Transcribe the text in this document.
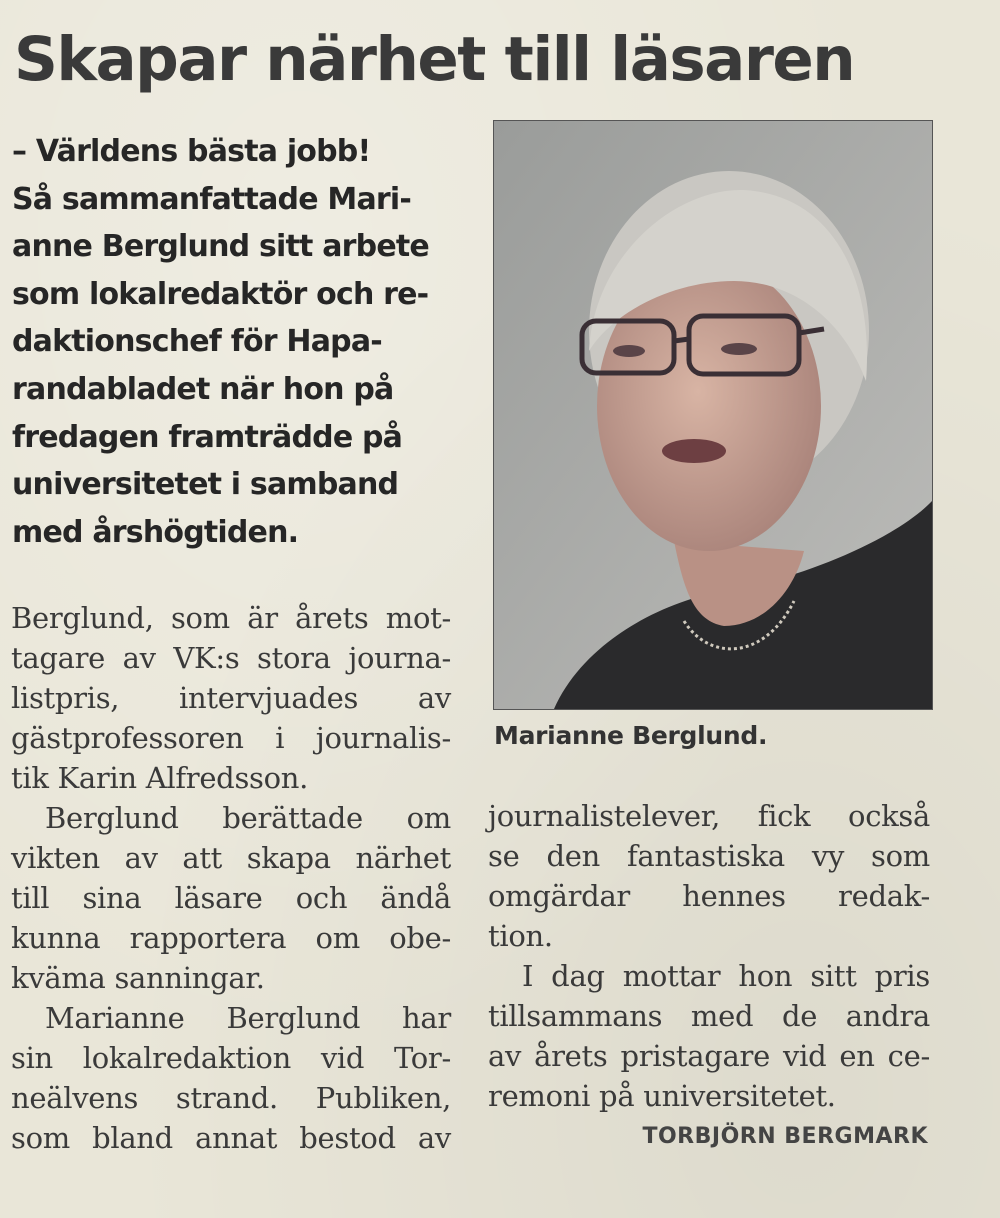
Skapar närhet till läsaren
– Världens bästa jobb!
Så sammanfattade Mari-
anne Berglund sitt arbete
som lokalredaktör och re-
daktionschef för Hapa-
randabladet när hon på
fredagen framträdde på
universitetet i samband
med årshögtiden.
Marianne Berglund.
Berglund, som är årets mot-
tagare av VK:s stora journa-
listpris, intervjuades av
gästprofessoren i journalis-
tik Karin Alfredsson.
Berglund berättade om
vikten av att skapa närhet
till sina läsare och ändå
kunna rapportera om obe-
kväma sanningar.
Marianne Berglund har
sin lokalredaktion vid Tor-
neälvens strand. Publiken,
som bland annat bestod av
journalistelever, fick också
se den fantastiska vy som
omgärdar hennes redak-
tion.
I dag mottar hon sitt pris
tillsammans med de andra
av årets pristagare vid en ce-
remoni på universitetet.
TORBJÖRN BERGMARK
